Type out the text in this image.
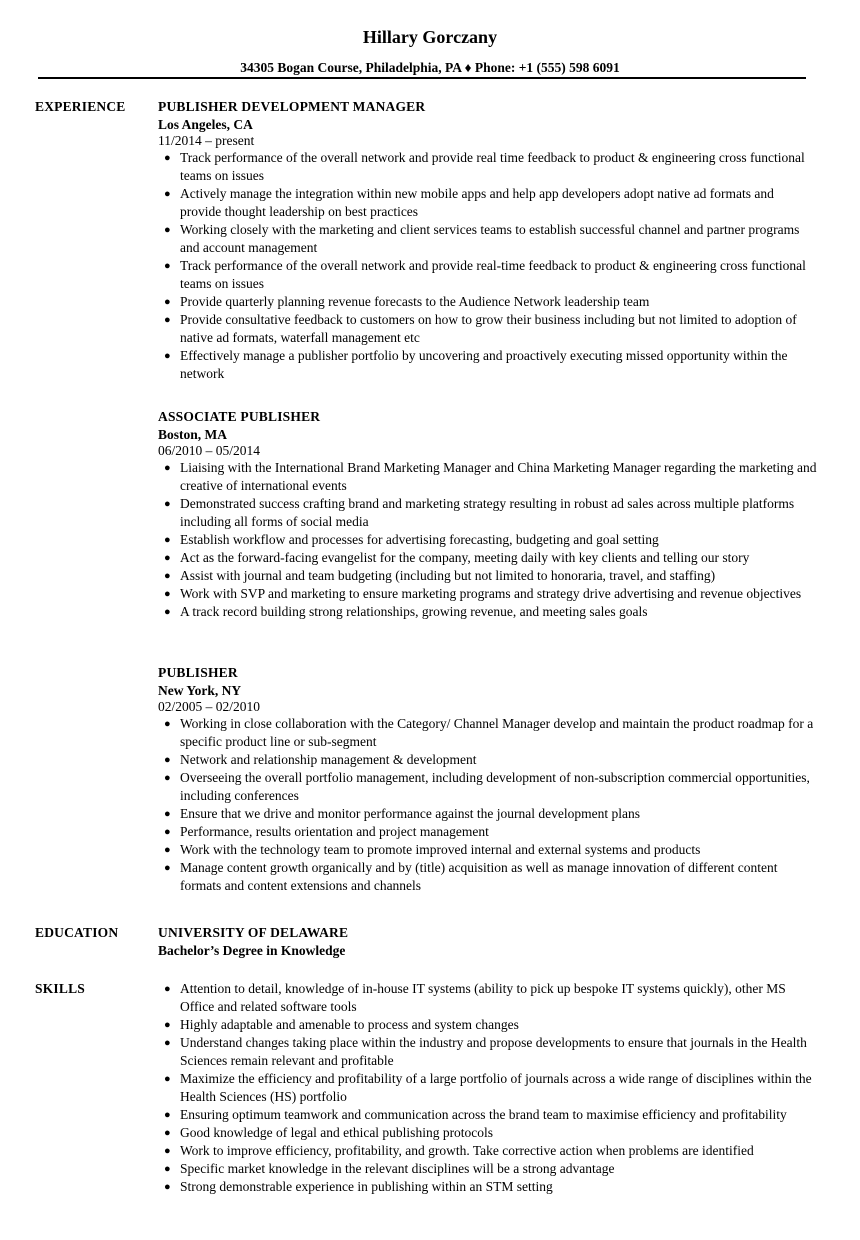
Hillary Gorczany
34305 Bogan Course, Philadelphia, PA ♦ Phone: +1 (555) 598 6091
EXPERIENCE PUBLISHER DEVELOPMENT MANAGER
Los Angeles, CA
11/2014 – present
● Track performance of the overall network and provide real time feedback to product & engineering cross functional teams on issues
● Actively manage the integration within new mobile apps and help app developers adopt native ad formats and provide thought leadership on best practices
● Working closely with the marketing and client services teams to establish successful channel and partner programs and account management
● Track performance of the overall network and provide real-time feedback to product & engineering cross functional teams on issues
● Provide quarterly planning revenue forecasts to the Audience Network leadership team
● Provide consultative feedback to customers on how to grow their business including but not limited to adoption of native ad formats, waterfall management etc
● Effectively manage a publisher portfolio by uncovering and proactively executing missed opportunity within the network
ASSOCIATE PUBLISHER
Boston, MA
06/2010 – 05/2014
● Liaising with the International Brand Marketing Manager and China Marketing Manager regarding the marketing and creative of international events
● Demonstrated success crafting brand and marketing strategy resulting in robust ad sales across multiple platforms including all forms of social media
● Establish workflow and processes for advertising forecasting, budgeting and goal setting
● Act as the forward-facing evangelist for the company, meeting daily with key clients and telling our story
● Assist with journal and team budgeting (including but not limited to honoraria, travel, and staffing)
● Work with SVP and marketing to ensure marketing programs and strategy drive advertising and revenue objectives
● A track record building strong relationships, growing revenue, and meeting sales goals
PUBLISHER
New York, NY
02/2005 – 02/2010
● Working in close collaboration with the Category/ Channel Manager develop and maintain the product roadmap for a specific product line or sub-segment
● Network and relationship management & development
● Overseeing the overall portfolio management, including development of non-subscription commercial opportunities, including conferences
● Ensure that we drive and monitor performance against the journal development plans
● Performance, results orientation and project management
● Work with the technology team to promote improved internal and external systems and products
● Manage content growth organically and by (title) acquisition as well as manage innovation of different content formats and content extensions and channels
EDUCATION	UNIVERSITY OF DELAWARE
Bachelor’s Degree in Knowledge
SKILLS	● Attention to detail, knowledge of in-house IT systems (ability to pick up bespoke IT systems quickly), other MS Office and related software tools
● Highly adaptable and amenable to process and system changes
● Understand changes taking place within the industry and propose developments to ensure that journals in the Health Sciences remain relevant and profitable
● Maximize the efficiency and profitability of a large portfolio of journals across a wide range of disciplines within the Health Sciences (HS) portfolio
● Ensuring optimum teamwork and communication across the brand team to maximise efficiency and profitability
● Good knowledge of legal and ethical publishing protocols
● Work to improve efficiency, profitability, and growth. Take corrective action when problems are identified
● Specific market knowledge in the relevant disciplines will be a strong advantage
● Strong demonstrable experience in publishing within an STM setting
